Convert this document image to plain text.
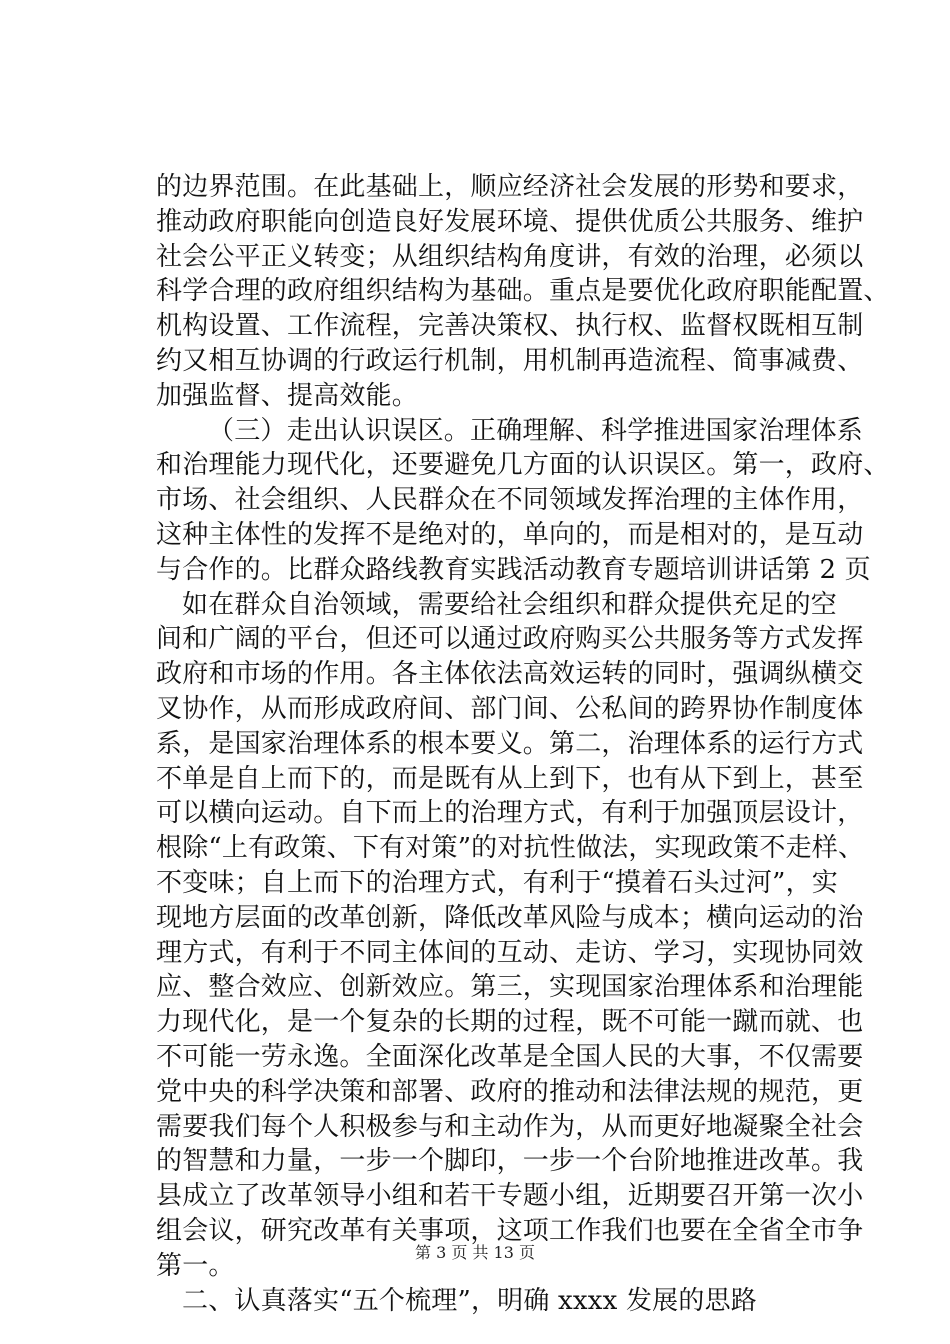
的边界范围。在此基础上，顺应经济社会发展的形势和要求，
推动政府职能向创造良好发展环境、提供优质公共服务、维护
社会公平正义转变；从组织结构角度讲，有效的治理，必须以
科学合理的政府组织结构为基础。重点是要优化政府职能配置、
机构设置、工作流程，完善决策权、执行权、监督权既相互制
约又相互协调的行政运行机制，用机制再造流程、简事减费、
加强监督、提高效能。
（三）走出认识误区。正确理解、科学推进国家治理体系
和治理能力现代化，还要避免几方面的认识误区。第一，政府、
市场、社会组织、人民群众在不同领域发挥治理的主体作用，
这种主体性的发挥不是绝对的，单向的，而是相对的，是互动
与合作的。比群众路线教育实践活动教育专题培训讲话第 2 页
如在群众自治领域，需要给社会组织和群众提供充足的空
间和广阔的平台，但还可以通过政府购买公共服务等方式发挥
政府和市场的作用。各主体依法高效运转的同时，强调纵横交
叉协作，从而形成政府间、部门间、公私间的跨界协作制度体
系，是国家治理体系的根本要义。第二，治理体系的运行方式
不单是自上而下的，而是既有从上到下，也有从下到上，甚至
可以横向运动。自下而上的治理方式，有利于加强顶层设计，
根除“上有政策、下有对策”的对抗性做法，实现政策不走样、
不变味；自上而下的治理方式，有利于“摸着石头过河”，实
现地方层面的改革创新，降低改革风险与成本；横向运动的治
理方式，有利于不同主体间的互动、走访、学习，实现协同效
应、整合效应、创新效应。第三，实现国家治理体系和治理能
力现代化，是一个复杂的长期的过程，既不可能一蹴而就、也
不可能一劳永逸。全面深化改革是全国人民的大事，不仅需要
党中央的科学决策和部署、政府的推动和法律法规的规范，更
需要我们每个人积极参与和主动作为，从而更好地凝聚全社会
的智慧和力量，一步一个脚印，一步一个台阶地推进改革。我
县成立了改革领导小组和若干专题小组，近期要召开第一次小
组会议，研究改革有关事项，这项工作我们也要在全省全市争
第一。
二、认真落实“五个梳理”，明确 xxxx 发展的思路
第 3 页 共 13 页
